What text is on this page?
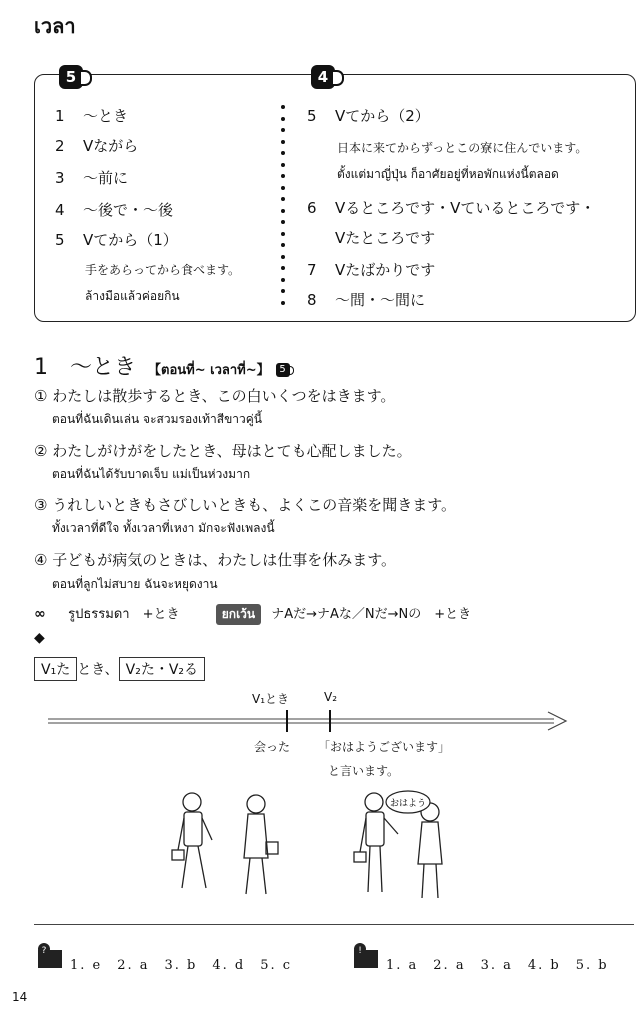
เวลา
5	4
1 ～とき
2 Vながら
3 ～前に
4 ～後で・～後
5 Vてから（1）
手をあらってから食べます。
ล้างมือแล้วค่อยกิน
5 Vてから（2）
日本に来てからずっとこの寮に住んでいます。
ตั้งแต่มาญี่ปุ่น ก็อาศัยอยู่ที่หอพักแห่งนี้ตลอด
6 Vるところです・Vているところです・
Vたところです
7 Vたばかりです
8 ～間・～間に
1　～とき 【ตอนที่~ เวลาที่~】 5
① わたしは散歩するとき、この白いくつをはきます。
ตอนที่ฉันเดินเล่น จะสวมรองเท้าสีขาวคู่นี้
② わたしがけがをしたとき、母はとても心配しました。
ตอนที่ฉันได้รับบาดเจ็บ แม่เป็นห่วงมาก
③ うれしいときもさびしいときも、よくこの音楽を聞きます。
ทั้งเวลาที่ดีใจ ทั้งเวลาที่เหงา มักจะฟังเพลงนี้
④ 子どもが病気のときは、わたしは仕事を休みます。
ตอนที่ลูกไม่สบาย ฉันจะหยุดงาน
∞ รูปธรรมดา　+とき	ยกเว้น ナAだ→ナAな／Nだ→Nの　+とき
◆
V₁た とき、 V₂た・V₂る
V₁とき	V₂
会った 「おはようございます」
と言います。
おはよう
?
1. e　2. a　3. b　4. d　5. c
!
1. a　2. a　3. a　4. b　5. b
14
